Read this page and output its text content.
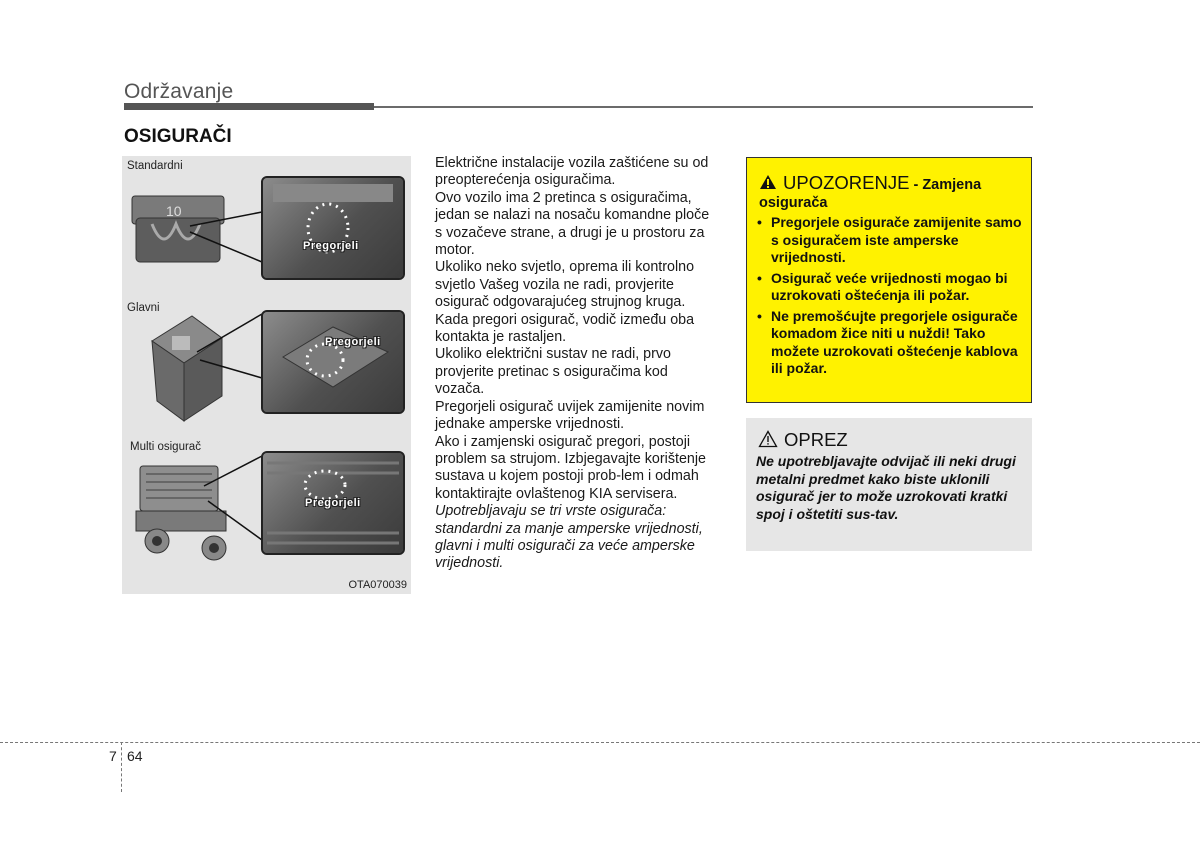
Održavanje
OSIGURAČI
Standardni
Glavni
Multi osigurač
10
Pregorjeli
Pregorjeli
Pregorjeli
OTA070039

Električne instalacije vozila zaštićene su od preopterećenja osiguračima.

Ovo vozilo ima 2 pretinca s osiguračima, jedan se nalazi na nosaču komandne ploče s vozačeve strane, a drugi je u prostoru za motor.

Ukoliko neko svjetlo, oprema ili kontrolno svjetlo Vašeg vozila ne radi, provjerite osigurač odgovarajućeg strujnog kruga. Kada pregori osigurač, vodič između oba kontakta je rastaljen.

Ukoliko električni sustav ne radi, prvo provjerite pretinac s osiguračima kod vozača.

Pregorjeli osigurač uvijek zamijenite novim jednake amperske vrijednosti.

Ako i zamjenski osigurač pregori, postoji problem sa strujom. Izbjegavajte korištenje sustava u kojem postoji prob-lem i odmah kontaktirajte ovlaštenog KIA servisera.

Upotrebljavaju se tri vrste osigurača: standardni za manje amperske vrijednosti, glavni i multi osigurači za veće amperske vrijednosti.

UPOZORENJE - Zamjena osigurača
• Pregorjele osigurače zamijenite samo s osiguračem iste amperske vrijednosti.
• Osigurač veće vrijednosti mogao bi uzrokovati oštećenja ili požar.
• Ne premošćujte pregorjele osigurače komadom žice niti u nuždi! Tako možete uzrokovati oštećenje kablova ili požar.
OPREZ
Ne upotrebljavajte odvijač ili neki drugi metalni predmet kako biste uklonili osigurač jer to može uzrokovati kratki spoj i oštetiti sus-tav.
7 64
